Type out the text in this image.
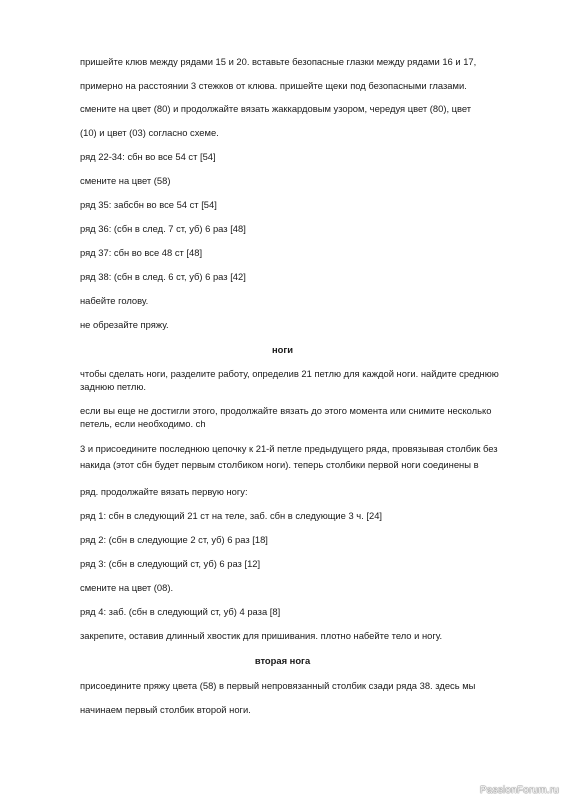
пришейте клюв между рядами 15 и 20. вставьте безопасные глазки между рядами 16 и 17,
примерно на расстоянии 3 стежков от клюва. пришейте щеки под безопасными глазами.
смените на цвет (80) и продолжайте вязать жаккардовым узором, чередуя цвет (80), цвет
(10) и цвет (03) согласно схеме.
ряд 22-34: сбн во все 54 ст [54]
смените на цвет (58)
ряд 35: забсбн во все 54 ст [54]
ряд 36: (сбн в след. 7 ст, уб) 6 раз [48]
ряд 37: сбн во все 48 ст [48]
ряд 38: (сбн в след. 6 ст, уб) 6 раз [42]
набейте голову.
не обрезайте пряжу.
ноги
чтобы сделать ноги, разделите работу, определив 21 петлю для каждой ноги. найдите среднюю
заднюю петлю.
если вы еще не достигли этого, продолжайте вязать до этого момента или снимите несколько
петель, если необходимо. ch
3 и присоедините последнюю цепочку к 21-й петле предыдущего ряда, провязывая столбик без
накида (этот сбн будет первым столбиком ноги). теперь столбики первой ноги соединены в
ряд. продолжайте вязать первую ногу:
ряд 1: сбн в следующий 21 ст на теле, заб. сбн в следующие 3 ч. [24]
ряд 2: (сбн в следующие 2 ст, уб) 6 раз [18]
ряд 3: (сбн в следующий ст, уб) 6 раз [12]
смените на цвет (08).
ряд 4: заб. (сбн в следующий ст, уб) 4 раза [8]
закрепите, оставив длинный хвостик для пришивания. плотно набейте тело и ногу.
вторая нога
присоедините пряжу цвета (58) в первый непровязанный столбик сзади ряда 38. здесь мы
начинаем первый столбик второй ноги.
PassionForum.ru
